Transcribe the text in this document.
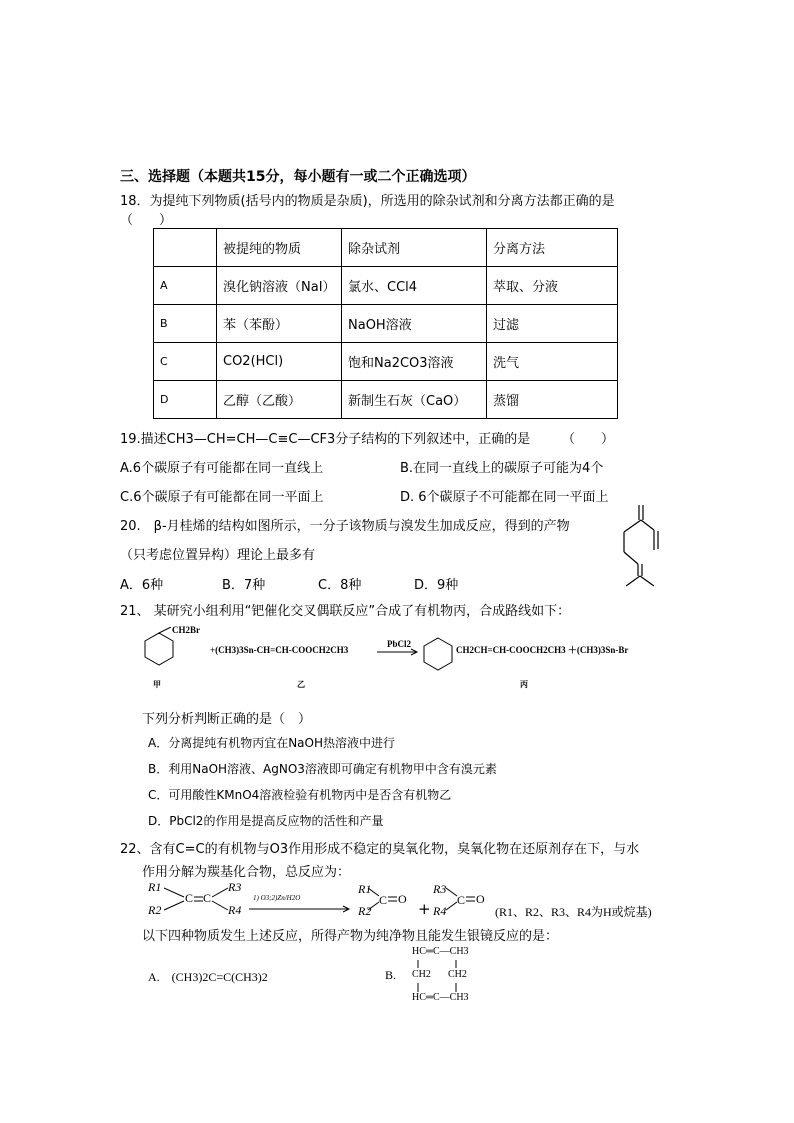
三、选择题（本题共15分，每小题有一或二个正确选项）
18．为提纯下列物质(括号内的物质是杂质)，所选用的除杂试剂和分离方法都正确的是
（　　）
	被提纯的物质	除杂试剂	分离方法
A	溴化钠溶液（NaI）	氯水、CCl4	萃取、分液
B	苯（苯酚）	NaOH溶液	过滤
C	CO2(HCl)	饱和Na2CO3溶液	洗气
D	乙醇（乙酸）	新制生石灰（CaO）	蒸馏
19.描述CH3—CH=CH—C≡C—CF3分子结构的下列叙述中，正确的是 （　　）
A.6个碳原子有可能都在同一直线上	B.在同一直线上的碳原子可能为4个
C.6个碳原子有可能都在同一平面上	D. 6个碳原子不可能都在同一平面上
20.　β-月桂烯的结构如图所示，一分子该物质与溴发生加成反应，得到的产物
（只考虑位置异构）理论上最多有
A．6种	B．7种	C．8种	D．9种
21、 某研究小组利用“钯催化交叉偶联反应”合成了有机物丙，合成路线如下：
CH2Br
+(CH3)3Sn-CH=CH-COOCH2CH3
PbCl2
CH2CH=CH-COOCH2CH3 ＋(CH3)3Sn-Br
甲	乙	丙
下列分析判断正确的是（　）
A．分离提纯有机物丙宜在NaOH热溶液中进行
B．利用NaOH溶液、AgNO3溶液即可确定有机物甲中含有溴元素
C．可用酸性KMnO4溶液检验有机物丙中是否含有机物乙
D．PbCl2的作用是提高反应物的活性和产量
22、含有C=C的有机物与O3作用形成不稳定的臭氧化物，臭氧化物在还原剂存在下，与水
作用分解为羰基化合物，总反应为：
R1
R2
C C
R3
R4
1) O3;2)Zn/H2O
R1
R2
C O
+
R3
R4
C O
(R1、R2、R3、R4为H或烷基)
以下四种物质发生上述反应，所得产物为纯净物且能发生银镜反应的是：
A.　(CH3)2C=C(CH3)2	B.
HC═C—CH3
CH2 CH2
HC═C—CH3
